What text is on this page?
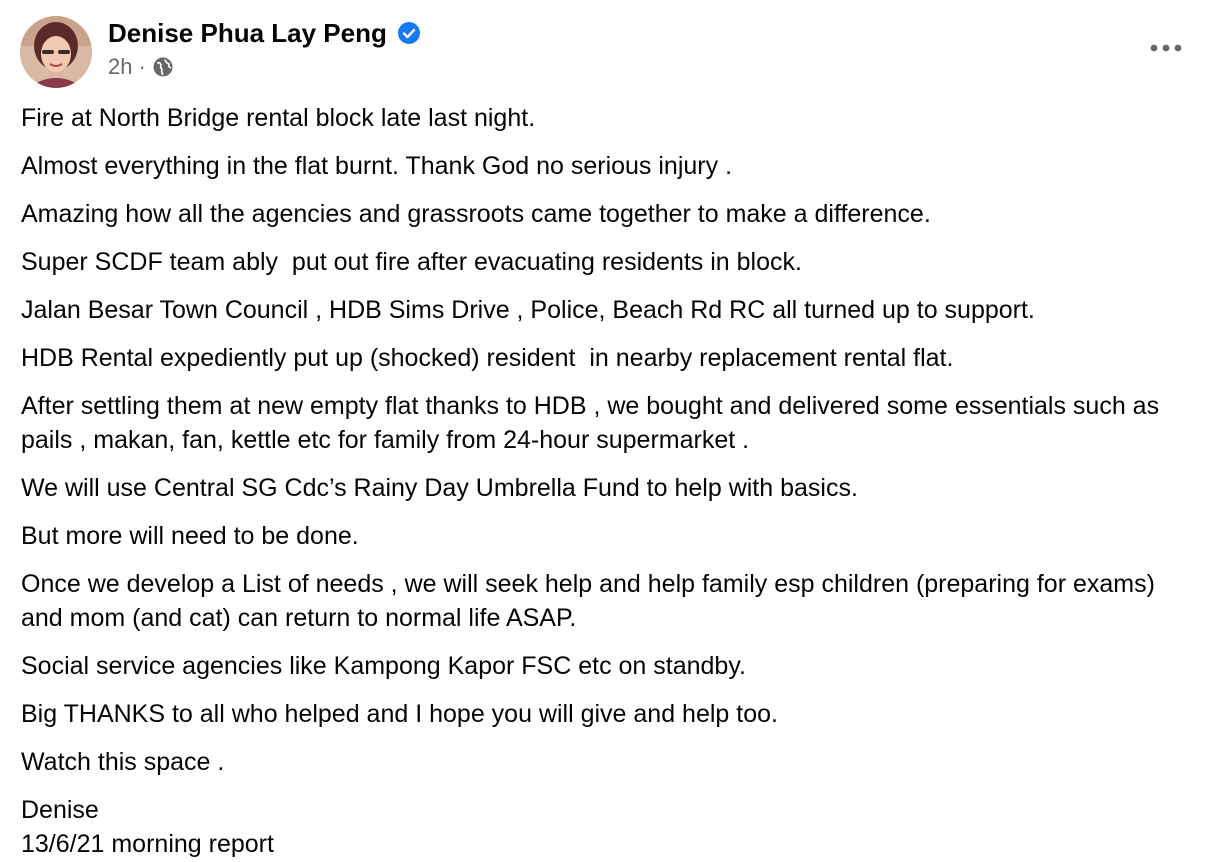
Denise Phua Lay Peng
2h ·

Fire at North Bridge rental block late last night.

Almost everything in the flat burnt. Thank God no serious injury .

Amazing how all the agencies and grassroots came together to make a difference.

Super SCDF team ably  put out fire after evacuating residents in block.

Jalan Besar Town Council , HDB Sims Drive , Police, Beach Rd RC all turned up to support.

HDB Rental expediently put up (shocked) resident  in nearby replacement rental flat.

After settling them at new empty flat thanks to HDB , we bought and delivered some essentials such as pails , makan, fan, kettle etc for family from 24-hour supermarket .

We will use Central SG Cdc’s Rainy Day Umbrella Fund to help with basics.

But more will need to be done.

Once we develop a List of needs , we will seek help and help family esp children (preparing for exams) and mom (and cat) can return to normal life ASAP.

Social service agencies like Kampong Kapor FSC etc on standby.

Big THANKS to all who helped and I hope you will give and help too.

Watch this space .

Denise
13/6/21 morning report
